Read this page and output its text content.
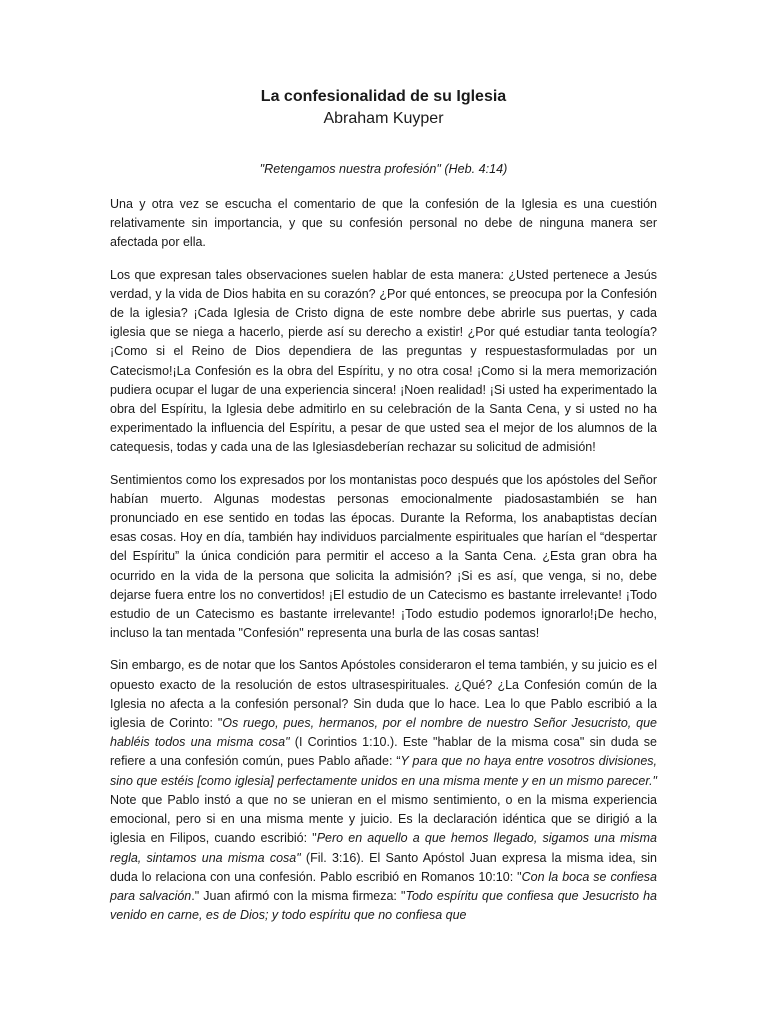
La confesionalidad de su Iglesia
Abraham Kuyper
"Retengamos nuestra profesión" (Heb. 4:14)

Una y otra vez se escucha el comentario de que la confesión de la Iglesia es una cuestión relativamente sin importancia, y que su confesión personal no debe de ninguna manera ser afectada por ella.

Los que expresan tales observaciones suelen hablar de esta manera: ¿Usted pertenece a Jesús verdad, y la vida de Dios habita en su corazón? ¿Por qué entonces, se preocupa por la Confesión de la iglesia? ¡Cada Iglesia de Cristo digna de este nombre debe abrirle sus puertas, y cada iglesia que se niega a hacerlo, pierde así su derecho a existir! ¿Por qué estudiar tanta teología? ¡Como si el Reino de Dios dependiera de las preguntas y respuestasformuladas por un Catecismo!¡La Confesión es la obra del Espíritu, y no otra cosa! ¡Como si la mera memorización pudiera ocupar el lugar de una experiencia sincera! ¡Noen realidad! ¡Si usted ha experimentado la obra del Espíritu, la Iglesia debe admitirlo en su celebración de la Santa Cena, y si usted no ha experimentado la influencia del Espíritu, a pesar de que usted sea el mejor de los alumnos de la catequesis, todas y cada una de las Iglesiasdeberían rechazar su solicitud de admisión!

Sentimientos como los expresados por los montanistas poco después que los apóstoles del Señor habían muerto. Algunas modestas personas emocionalmente piadosastambién se han pronunciado en ese sentido en todas las épocas. Durante la Reforma, los anabaptistas decían esas cosas. Hoy en día, también hay individuos parcialmente espirituales que harían el “despertar del Espíritu” la única condición para permitir el acceso a la Santa Cena. ¿Esta gran obra ha ocurrido en la vida de la persona que solicita la admisión? ¡Si es así, que venga, si no, debe dejarse fuera entre los no convertidos! ¡El estudio de un Catecismo es bastante irrelevante! ¡Todo estudio de un Catecismo es bastante irrelevante! ¡Todo estudio podemos ignorarlo!¡De hecho, incluso la tan mentada "Confesión" representa una burla de las cosas santas!

Sin embargo, es de notar que los Santos Apóstoles consideraron el tema también, y su juicio es el opuesto exacto de la resolución de estos ultrasespirituales. ¿Qué? ¿La Confesión común de la Iglesia no afecta a la confesión personal? Sin duda que lo hace. Lea lo que Pablo escribió a la iglesia de Corinto: "Os ruego, pues, hermanos, por el nombre de nuestro Señor Jesucristo, que habléis todos una misma cosa" (I Corintios 1:10.). Este "hablar de la misma cosa" sin duda se refiere a una confesión común, pues Pablo añade: “Y para que no haya entre vosotros divisiones, sino que estéis [como iglesia] perfectamente unidos en una misma mente y en un mismo parecer." Note que Pablo instó a que no se unieran en el mismo sentimiento, o en la misma experiencia emocional, pero si en una misma mente y juicio. Es la declaración idéntica que se dirigió a la iglesia en Filipos, cuando escribió: "Pero en aquello a que hemos llegado, sigamos una misma regla, sintamos una misma cosa" (Fil. 3:16). El Santo Apóstol Juan expresa la misma idea, sin duda lo relaciona con una confesión. Pablo escribió en Romanos 10:10: "Con la boca se confiesa para salvación." Juan afirmó con la misma firmeza: "Todo espíritu que confiesa que Jesucristo ha venido en carne, es de Dios; y todo espíritu que no confiesa que
